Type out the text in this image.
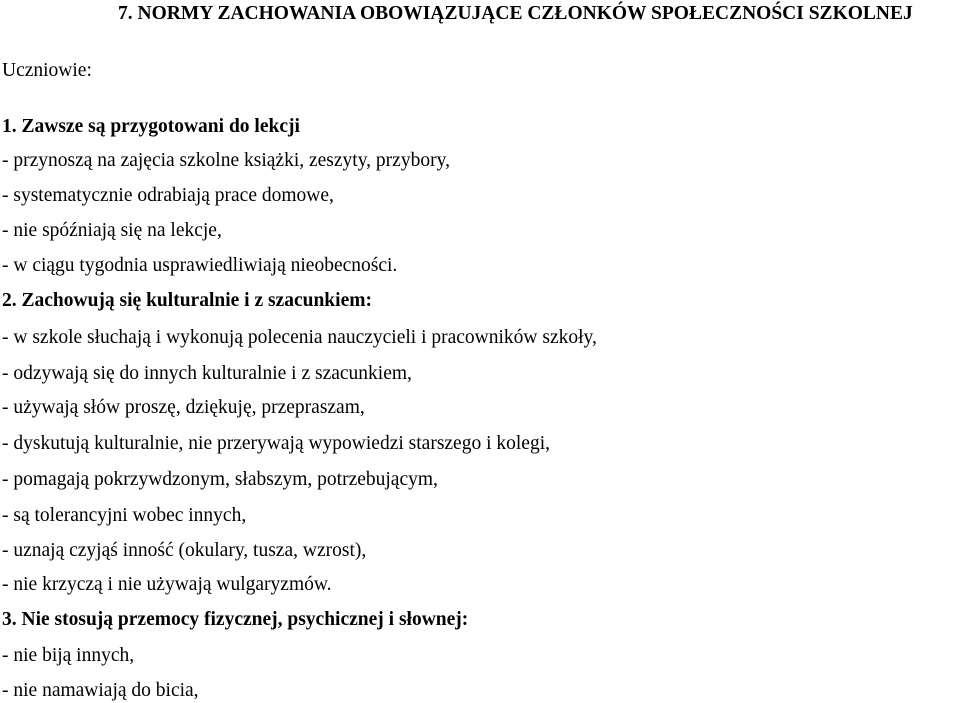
7. NORMY ZACHOWANIA OBOWIĄZUJĄCE CZŁONKÓW SPOŁECZNOŚCI SZKOLNEJ
Uczniowie:
1. Zawsze są przygotowani do lekcji
- przynoszą na zajęcia szkolne książki, zeszyty, przybory,
- systematycznie odrabiają prace domowe,
- nie spóźniają się na lekcje,
- w ciągu tygodnia usprawiedliwiają nieobecności.
2. Zachowują się kulturalnie i z szacunkiem:
- w szkole słuchają i wykonują polecenia nauczycieli i pracowników szkoły,
- odzywają się do innych kulturalnie i z szacunkiem,
- używają słów proszę, dziękuję, przepraszam,
- dyskutują kulturalnie, nie przerywają wypowiedzi starszego i kolegi,
- pomagają pokrzywdzonym, słabszym, potrzebującym,
- są tolerancyjni wobec innych,
- uznają czyjąś inność (okulary, tusza, wzrost),
- nie krzyczą i nie używają wulgaryzmów.
3. Nie stosują przemocy fizycznej, psychicznej i słownej:
- nie biją innych,
- nie namawiają do bicia,
